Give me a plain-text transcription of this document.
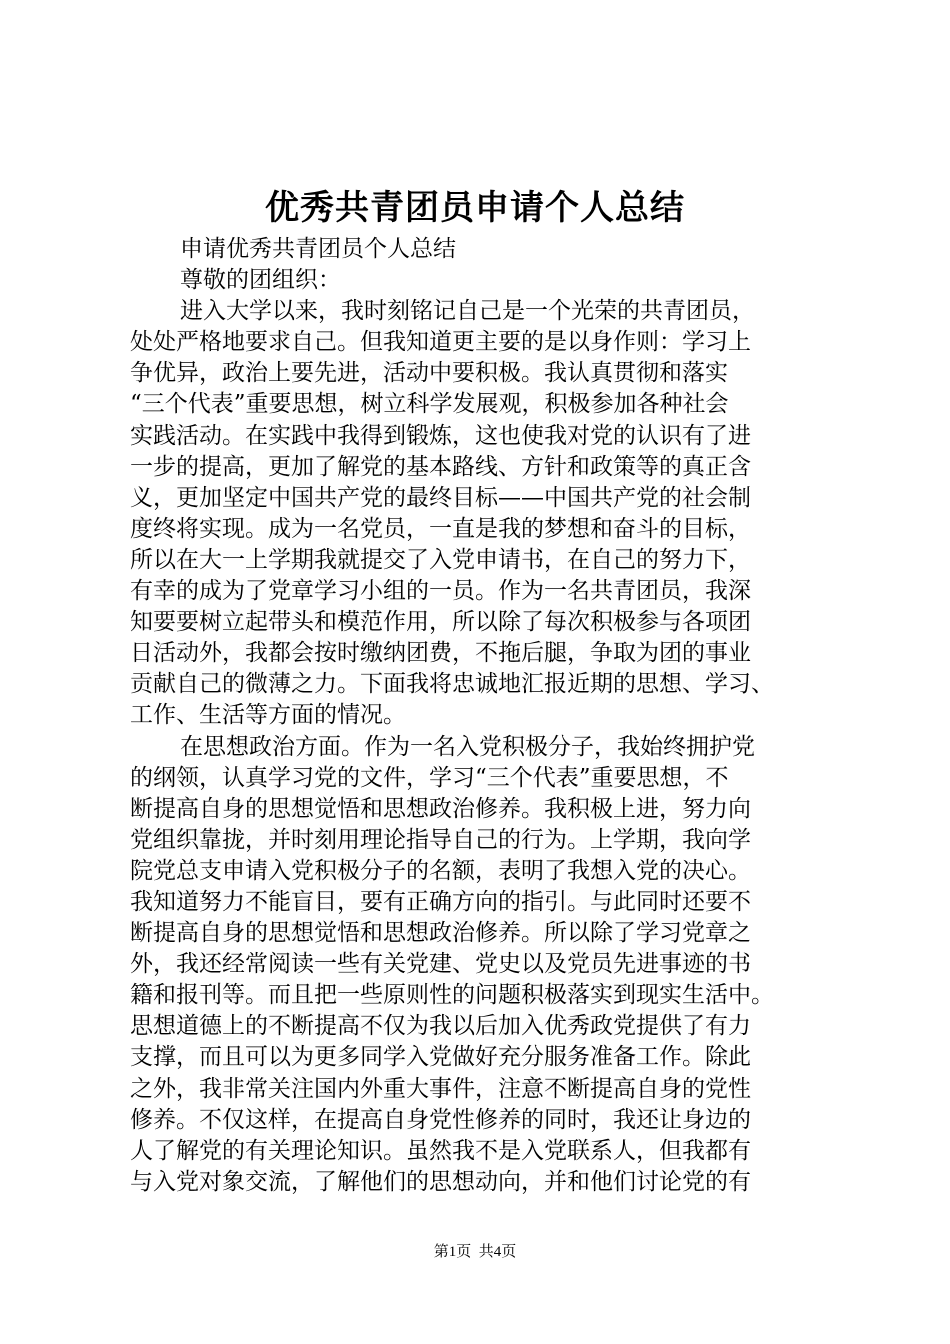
优秀共青团员申请个人总结
申请优秀共青团员个人总结
尊敬的团组织：
进入大学以来，我时刻铭记自己是一个光荣的共青团员，
处处严格地要求自己。但我知道更主要的是以身作则：学习上
争优异，政治上要先进，活动中要积极。我认真贯彻和落实
“三个代表”重要思想，树立科学发展观，积极参加各种社会
实践活动。在实践中我得到锻炼，这也使我对党的认识有了进
一步的提高，更加了解党的基本路线、方针和政策等的真正含
义，更加坚定中国共产党的最终目标——中国共产党的社会制
度终将实现。成为一名党员，一直是我的梦想和奋斗的目标，
所以在大一上学期我就提交了入党申请书，在自己的努力下，
有幸的成为了党章学习小组的一员。作为一名共青团员，我深
知要要树立起带头和模范作用，所以除了每次积极参与各项团
日活动外，我都会按时缴纳团费，不拖后腿，争取为团的事业
贡献自己的微薄之力。下面我将忠诚地汇报近期的思想、学习、
工作、生活等方面的情况。
在思想政治方面。作为一名入党积极分子，我始终拥护党
的纲领，认真学习党的文件，学习“三个代表”重要思想，不
断提高自身的思想觉悟和思想政治修养。我积极上进，努力向
党组织靠拢，并时刻用理论指导自己的行为。上学期，我向学
院党总支申请入党积极分子的名额，表明了我想入党的决心。
我知道努力不能盲目，要有正确方向的指引。与此同时还要不
断提高自身的思想觉悟和思想政治修养。所以除了学习党章之
外，我还经常阅读一些有关党建、党史以及党员先进事迹的书
籍和报刊等。而且把一些原则性的问题积极落实到现实生活中。
思想道德上的不断提高不仅为我以后加入优秀政党提供了有力
支撑，而且可以为更多同学入党做好充分服务准备工作。除此
之外，我非常关注国内外重大事件，注意不断提高自身的党性
修养。不仅这样，在提高自身党性修养的同时，我还让身边的
人了解党的有关理论知识。虽然我不是入党联系人，但我都有
与入党对象交流，了解他们的思想动向，并和他们讨论党的有
第1页  共4页
